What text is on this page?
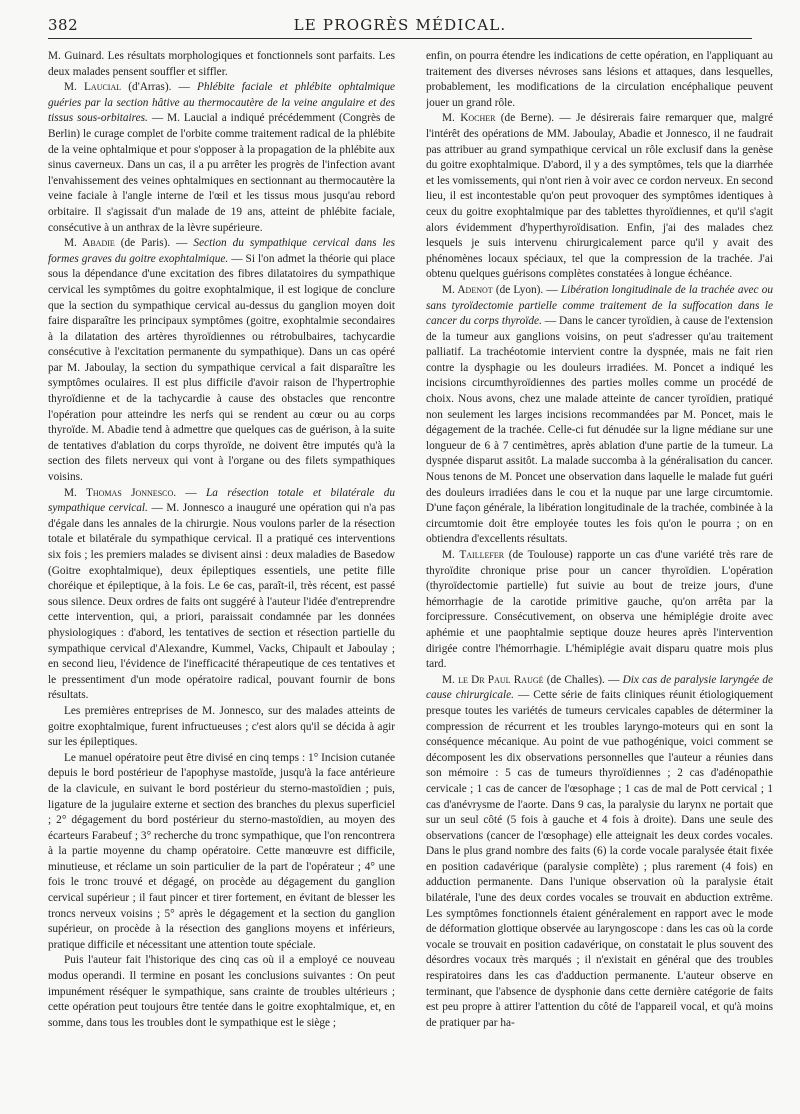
382	LE PROGRÈS MÉDICAL.

M. Guinard. Les résultats morphologiques et fonctionnels sont parfaits. Les deux malades pensent souffler et siffler.

M. Laucial (d'Arras). — Phlébite faciale et phlébite ophtalmique guéries par la section hâtive au thermocautère de la veine angulaire et des tissus sous-orbitaires. — M. Laucial a indiqué précédemment (Congrès de Berlin) le curage complet de l'orbite comme traitement radical de la phlébite de la veine ophtalmique et pour s'opposer à la propagation de la phlébite aux sinus caverneux. Dans un cas, il a pu arrêter les progrès de l'infection avant l'envahissement des veines ophtalmiques en sectionnant au thermocautère la veine faciale à l'angle interne de l'œil et les tissus mous jusqu'au rebord orbitaire. Il s'agissait d'un malade de 19 ans, atteint de phlébite faciale, consécutive à un anthrax de la lèvre supérieure.

M. Abadie (de Paris). — Section du sympathique cervical dans les formes graves du goitre exophtalmique. — Si l'on admet la théorie qui place sous la dépendance d'une excitation des fibres dilatatoires du sympathique cervical les symptômes du goitre exophtalmique, il est logique de conclure que la section du sympathique cervical au-dessus du ganglion moyen doit faire disparaître les principaux symptômes (goitre, exophtalmie secondaires à la dilatation des artères thyroïdiennes ou rétrobulbaires, tachycardie consécutive à l'excitation permanente du sympathique). Dans un cas opéré par M. Jaboulay, la section du sympathique cervical a fait disparaître les symptômes oculaires. Il est plus difficile d'avoir raison de l'hypertrophie thyroïdienne et de la tachycardie à cause des obstacles que rencontre l'opération pour atteindre les nerfs qui se rendent au cœur ou au corps thyroïde. M. Abadie tend à admettre que quelques cas de guérison, à la suite de tentatives d'ablation du corps thyroïde, ne doivent être imputés qu'à la section des filets nerveux qui vont à l'organe ou des filets sympathiques voisins.

M. Thomas Jonnesco. — La résection totale et bilatérale du sympathique cervical. — M. Jonnesco a inauguré une opération qui n'a pas d'égale dans les annales de la chirurgie. Nous voulons parler de la résection totale et bilatérale du sympathique cervical. Il a pratiqué ces interventions six fois ; les premiers malades se divisent ainsi : deux maladies de Basedow (Goitre exophtalmique), deux épileptiques essentiels, une petite fille choréique et épileptique, à la fois. Le 6e cas, paraît-il, très récent, est passé sous silence. Deux ordres de faits ont suggéré à l'auteur l'idée d'entreprendre cette intervention, qui, a priori, paraissait condamnée par les données physiologiques : d'abord, les tentatives de section et résection partielle du sympathique cervical d'Alexandre, Kummel, Vacks, Chipault et Jaboulay ; en second lieu, l'évidence de l'inefficacité thérapeutique de ces tentatives et le pressentiment d'un mode opératoire radical, pouvant fournir de bons résultats.

Les premières entreprises de M. Jonnesco, sur des malades atteints de goitre exophtalmique, furent infructueuses ; c'est alors qu'il se décida à agir sur les épileptiques.

Le manuel opératoire peut être divisé en cinq temps : 1° Incision cutanée depuis le bord postérieur de l'apophyse mastoïde, jusqu'à la face antérieure de la clavicule, en suivant le bord postérieur du sterno-mastoïdien ; puis, ligature de la jugulaire externe et section des branches du plexus superficiel ; 2° dégagement du bord postérieur du sterno-mastoïdien, au moyen des écarteurs Farabeuf ; 3° recherche du tronc sympathique, que l'on rencontrera à la partie moyenne du champ opératoire. Cette manœuvre est difficile, minutieuse, et réclame un soin particulier de la part de l'opérateur ; 4° une fois le tronc trouvé et dégagé, on procède au dégagement du ganglion cervical supérieur ; il faut pincer et tirer fortement, en évitant de blesser les troncs nerveux voisins ; 5° après le dégagement et la section du ganglion supérieur, on procède à la résection des ganglions moyens et inférieurs, pratique difficile et nécessitant une attention toute spéciale.

Puis l'auteur fait l'historique des cinq cas où il a employé ce nouveau modus operandi. Il termine en posant les conclusions suivantes : On peut impunément réséquer le sympathique, sans crainte de troubles ultérieurs ; cette opération peut toujours être tentée dans le goitre exophtalmique, et, en somme, dans tous les troubles dont le sympathique est le siège ;

enfin, on pourra étendre les indications de cette opération, en l'appliquant au traitement des diverses névroses sans lésions et attaques, dans lesquelles, probablement, les modifications de la circulation encéphalique peuvent jouer un grand rôle.

M. Kocher (de Berne). — Je désirerais faire remarquer que, malgré l'intérêt des opérations de MM. Jaboulay, Abadie et Jonnesco, il ne faudrait pas attribuer au grand sympathique cervical un rôle exclusif dans la genèse du goitre exophtalmique. D'abord, il y a des symptômes, tels que la diarrhée et les vomissements, qui n'ont rien à voir avec ce cordon nerveux. En second lieu, il est incontestable qu'on peut provoquer des symptômes identiques à ceux du goitre exophtalmique par des tablettes thyroïdiennes, et qu'il s'agit alors évidemment d'hyperthyroïdisation. Enfin, j'ai des malades chez lesquels je suis intervenu chirurgicalement parce qu'il y avait des phénomènes locaux spéciaux, tel que la compression de la trachée. J'ai obtenu quelques guérisons complètes constatées à longue échéance.

M. Adenot (de Lyon). — Libération longitudinale de la trachée avec ou sans tyroïdectomie partielle comme traitement de la suffocation dans le cancer du corps thyroïde. — Dans le cancer tyroïdien, à cause de l'extension de la tumeur aux ganglions voisins, on peut s'adresser qu'au traitement palliatif. La trachéotomie intervient contre la dyspnée, mais ne fait rien contre la dysphagie ou les douleurs irradiées. M. Poncet a indiqué les incisions circumthyroïdiennes des parties molles comme un procédé de choix. Nous avons, chez une malade atteinte de cancer tyroïdien, pratiqué non seulement les larges incisions recommandées par M. Poncet, mais le dégagement de la trachée. Celle-ci fut dénudée sur la ligne médiane sur une longueur de 6 à 7 centimètres, après ablation d'une partie de la tumeur. La dyspnée disparut assitôt. La malade succomba à la généralisation du cancer. Nous tenons de M. Poncet une observation dans laquelle le malade fut guéri des douleurs irradiées dans le cou et la nuque par une large circumtomie. D'une façon générale, la libération longitudinale de la trachée, combinée à la circumtomie doit être employée toutes les fois qu'on le pourra ; on en obtiendra d'excellents résultats.

M. Taillefer (de Toulouse) rapporte un cas d'une variété très rare de thyroïdite chronique prise pour un cancer thyroïdien. L'opération (thyroïdectomie partielle) fut suivie au bout de treize jours, d'une hémorrhagie de la carotide primitive gauche, qu'on arrêta par la forcipressure. Consécutivement, on observa une hémiplégie droite avec aphémie et une paophtalmie septique douze heures après l'intervention dirigée contre l'hémorrhagie. L'hémiplégie avait disparu quatre mois plus tard.

M. le Dr Paul Raugé (de Challes). — Dix cas de paralysie laryngée de cause chirurgicale. — Cette série de faits cliniques réunit étiologiquement presque toutes les variétés de tumeurs cervicales capables de déterminer la compression de récurrent et les troubles laryngo-moteurs qui en sont la conséquence mécanique. Au point de vue pathogénique, voici comment se décomposent les dix observations personnelles que l'auteur a réunies dans son mémoire : 5 cas de tumeurs thyroïdiennes ; 2 cas d'adénopathie cervicale ; 1 cas de cancer de l'œsophage ; 1 cas de mal de Pott cervical ; 1 cas d'anévrysme de l'aorte. Dans 9 cas, la paralysie du larynx ne portait que sur un seul côté (5 fois à gauche et 4 fois à droite). Dans une seule des observations (cancer de l'œsophage) elle atteignait les deux cordes vocales. Dans le plus grand nombre des faits (6) la corde vocale paralysée était fixée en position cadavérique (paralysie complète) ; plus rarement (4 fois) en adduction permanente. Dans l'unique observation où la paralysie était bilatérale, l'une des deux cordes vocales se trouvait en abduction extrême. Les symptômes fonctionnels étaient généralement en rapport avec le mode de déformation glottique observée au laryngoscope : dans les cas où la corde vocale se trouvait en position cadavérique, on constatait le plus souvent des désordres vocaux très marqués ; il n'existait en général que des troubles respiratoires dans les cas d'adduction permanente. L'auteur observe en terminant, que l'absence de dysphonie dans cette dernière catégorie de faits est peu propre à attirer l'attention du côté de l'appareil vocal, et qu'à moins de pratiquer par ha-
